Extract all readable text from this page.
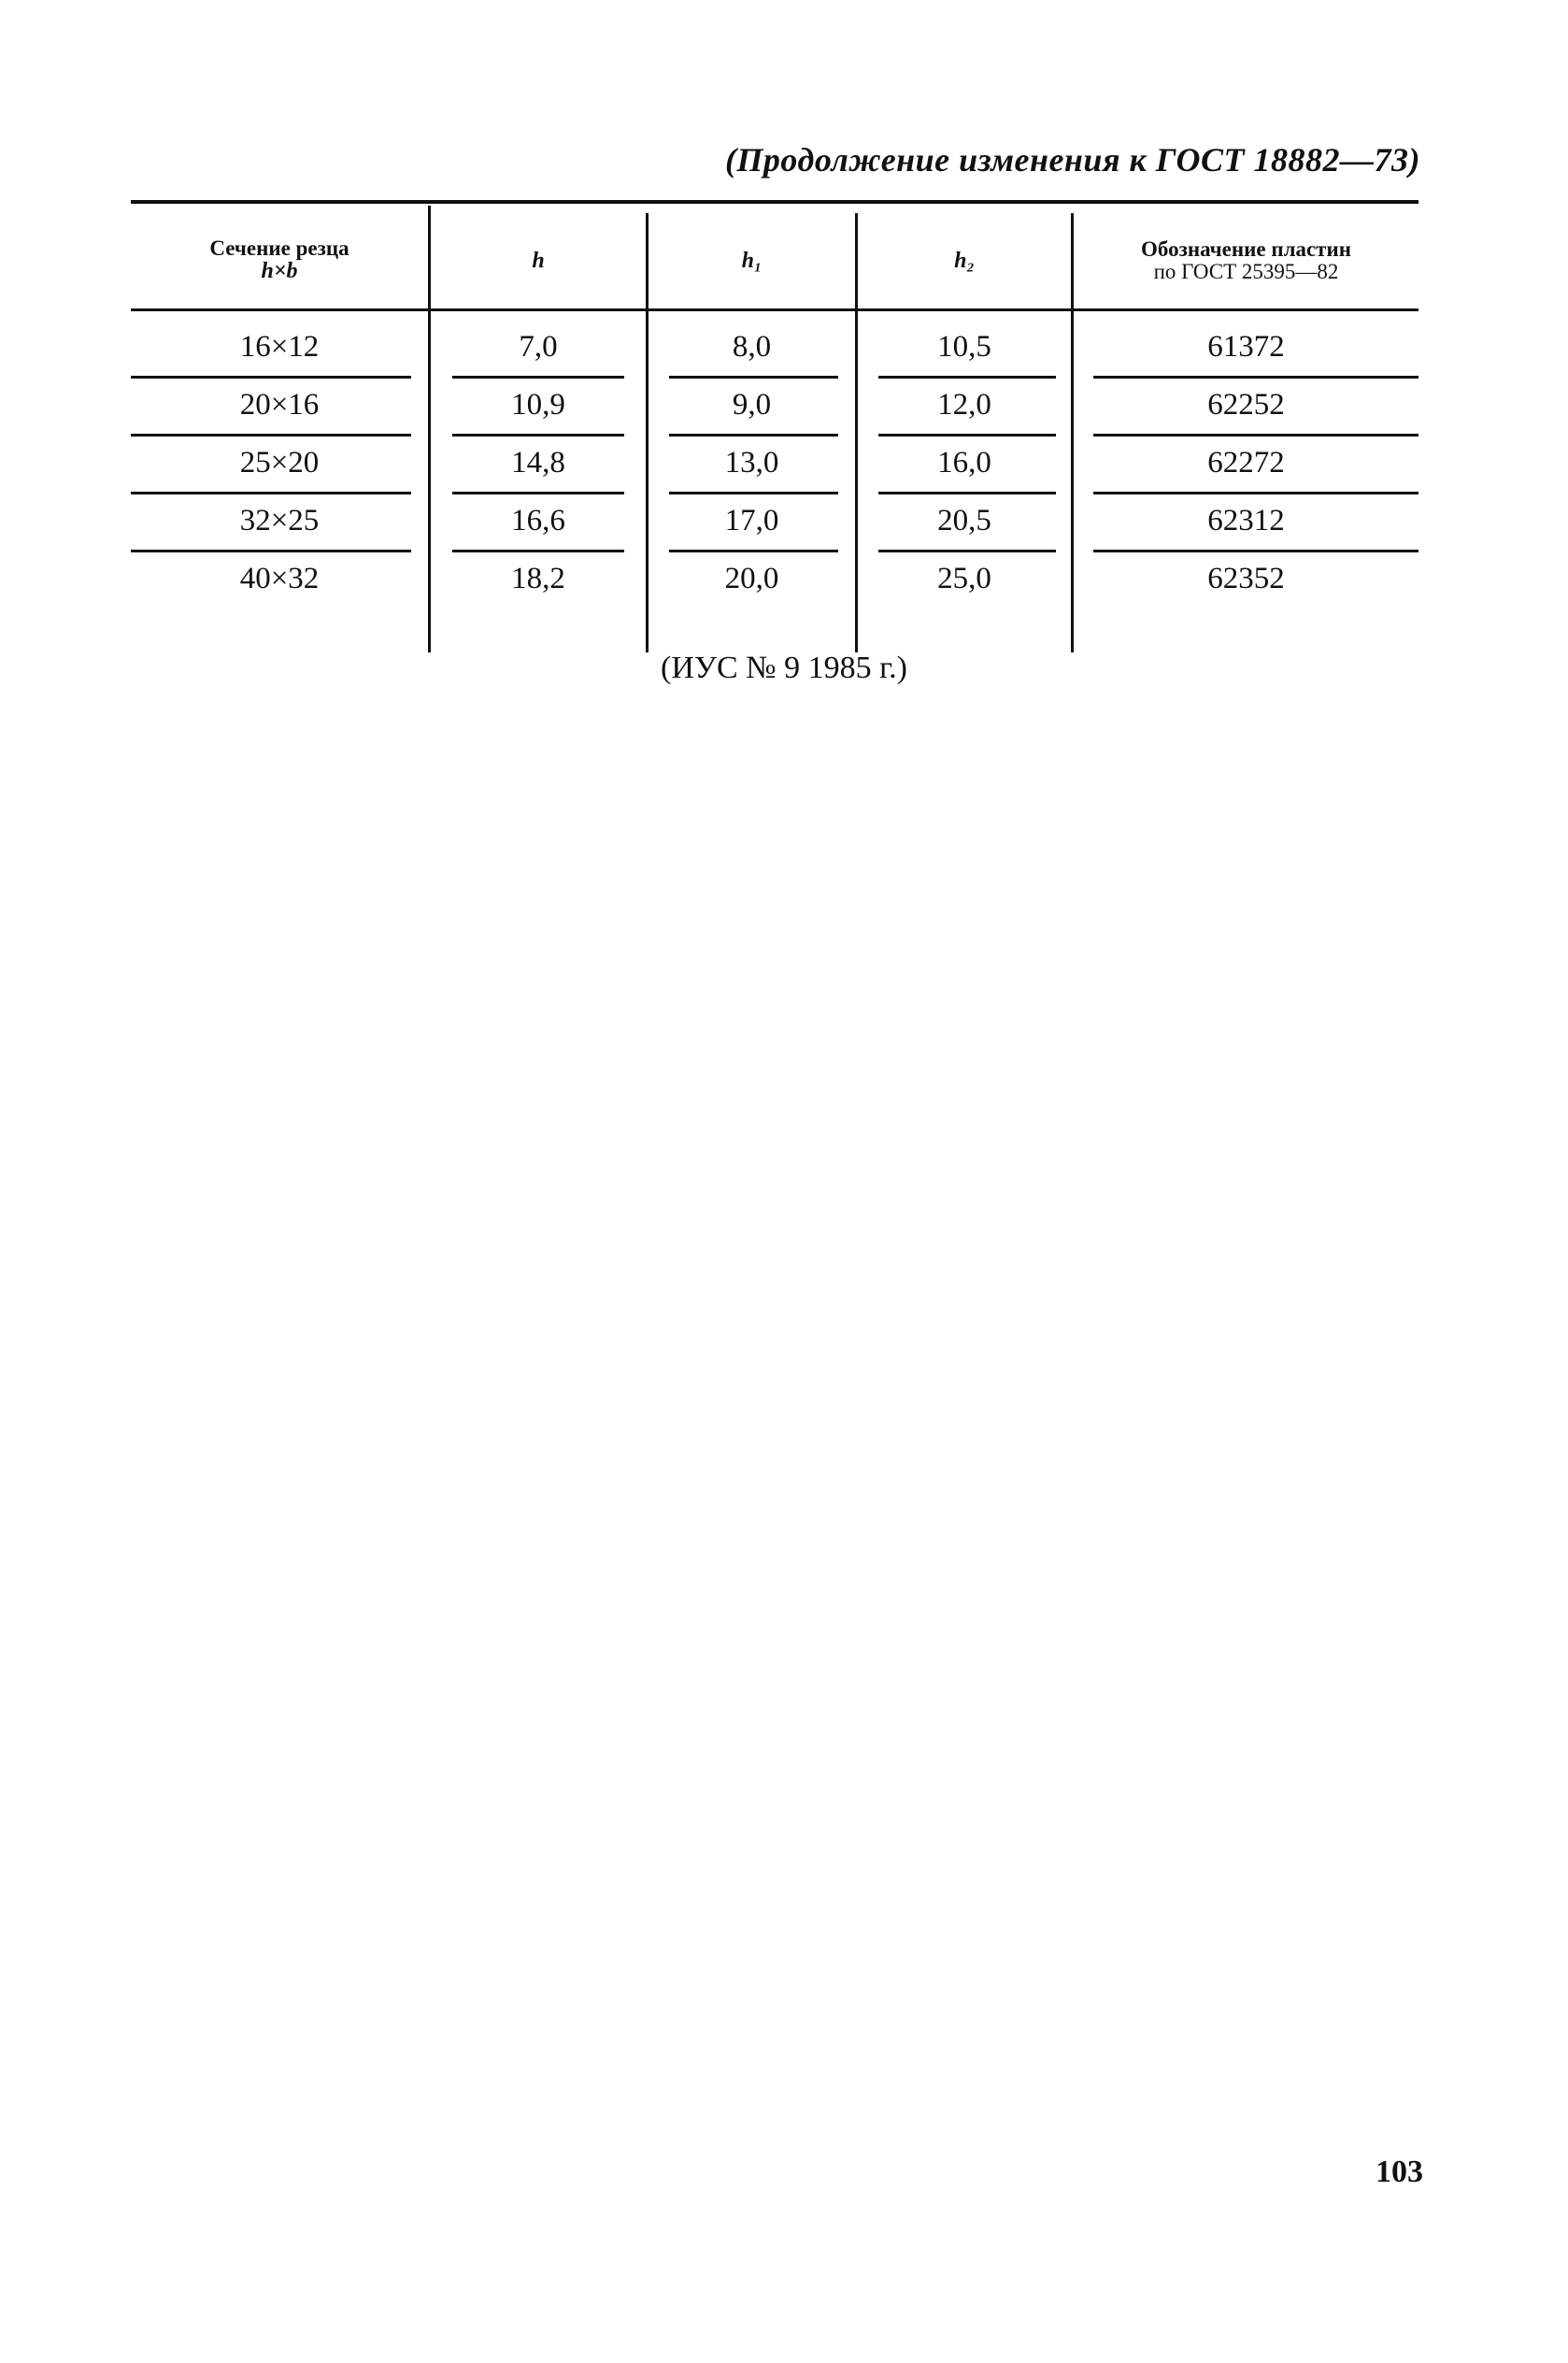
(Продолжение изменения к ГОСТ 18882—73)
Сечение резца
h×b	h	h₁	h₂	Обозначение пластин
по ГОСТ 25395—82
16×12	7,0	8,0	10,5	61372
20×16	10,9	9,0	12,0	62252
25×20	14,8	13,0	16,0	62272
32×25	16,6	17,0	20,5	62312
40×32	18,2	20,0	25,0	62352
(ИУС № 9 1985 г.)
103
